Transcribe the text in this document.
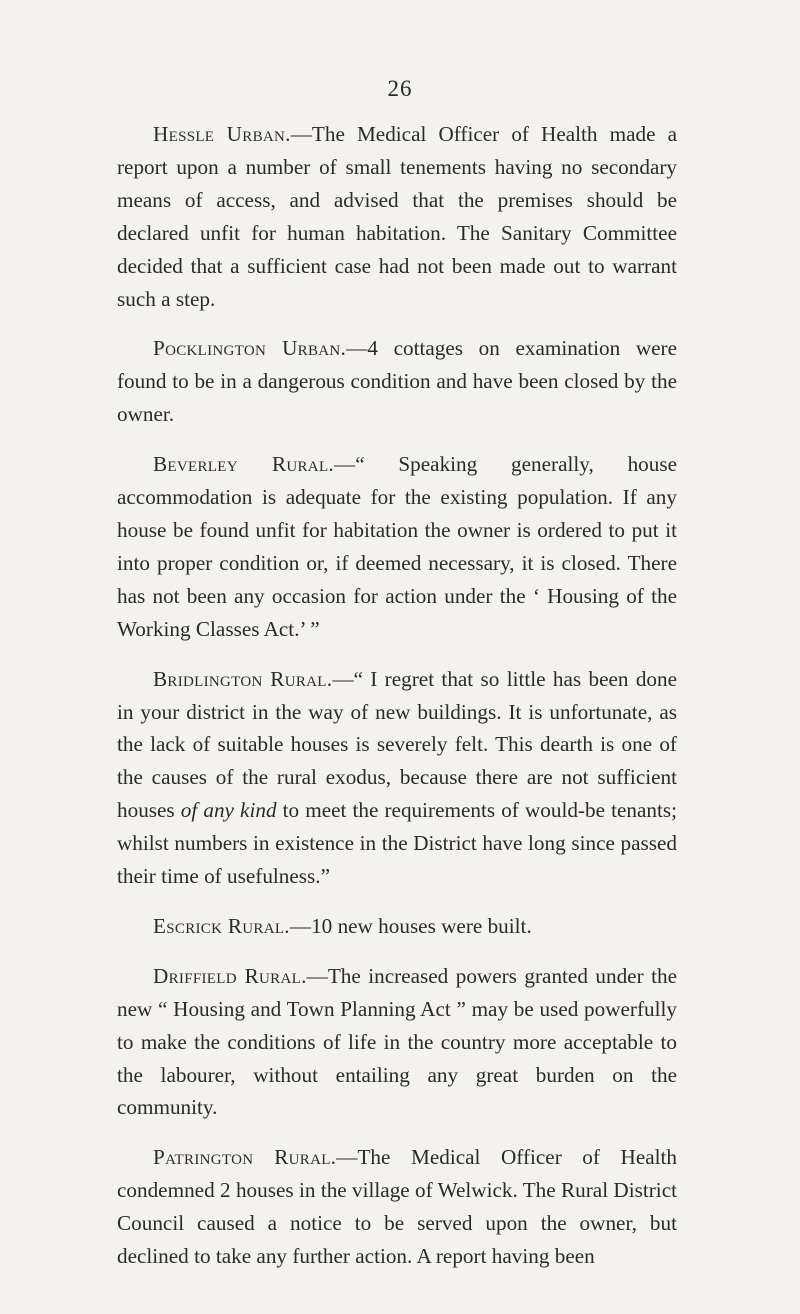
26

Hessle Urban.—The Medical Officer of Health made a report upon a number of small tenements having no secondary means of access, and advised that the premises should be declared unfit for human habitation. The Sanitary Committee decided that a sufficient case had not been made out to warrant such a step.

Pocklington Urban.—4 cottages on examination were found to be in a dangerous condition and have been closed by the owner.

Beverley Rural.—“ Speaking generally, house accommodation is adequate for the existing population. If any house be found unfit for habitation the owner is ordered to put it into proper condition or, if deemed necessary, it is closed. There has not been any occasion for action under the ‘ Housing of the Working Classes Act.’ ”

Bridlington Rural.—“ I regret that so little has been done in your district in the way of new buildings. It is unfortunate, as the lack of suitable houses is severely felt. This dearth is one of the causes of the rural exodus, because there are not sufficient houses of any kind to meet the requirements of would-be tenants; whilst numbers in existence in the District have long since passed their time of usefulness.”

Escrick Rural.—10 new houses were built.

Driffield Rural.—The increased powers granted under the new “ Housing and Town Planning Act ” may be used powerfully to make the conditions of life in the country more acceptable to the labourer, without entailing any great burden on the community.

Patrington Rural.—The Medical Officer of Health condemned 2 houses in the village of Welwick. The Rural District Council caused a notice to be served upon the owner, but declined to take any further action. A report having been
